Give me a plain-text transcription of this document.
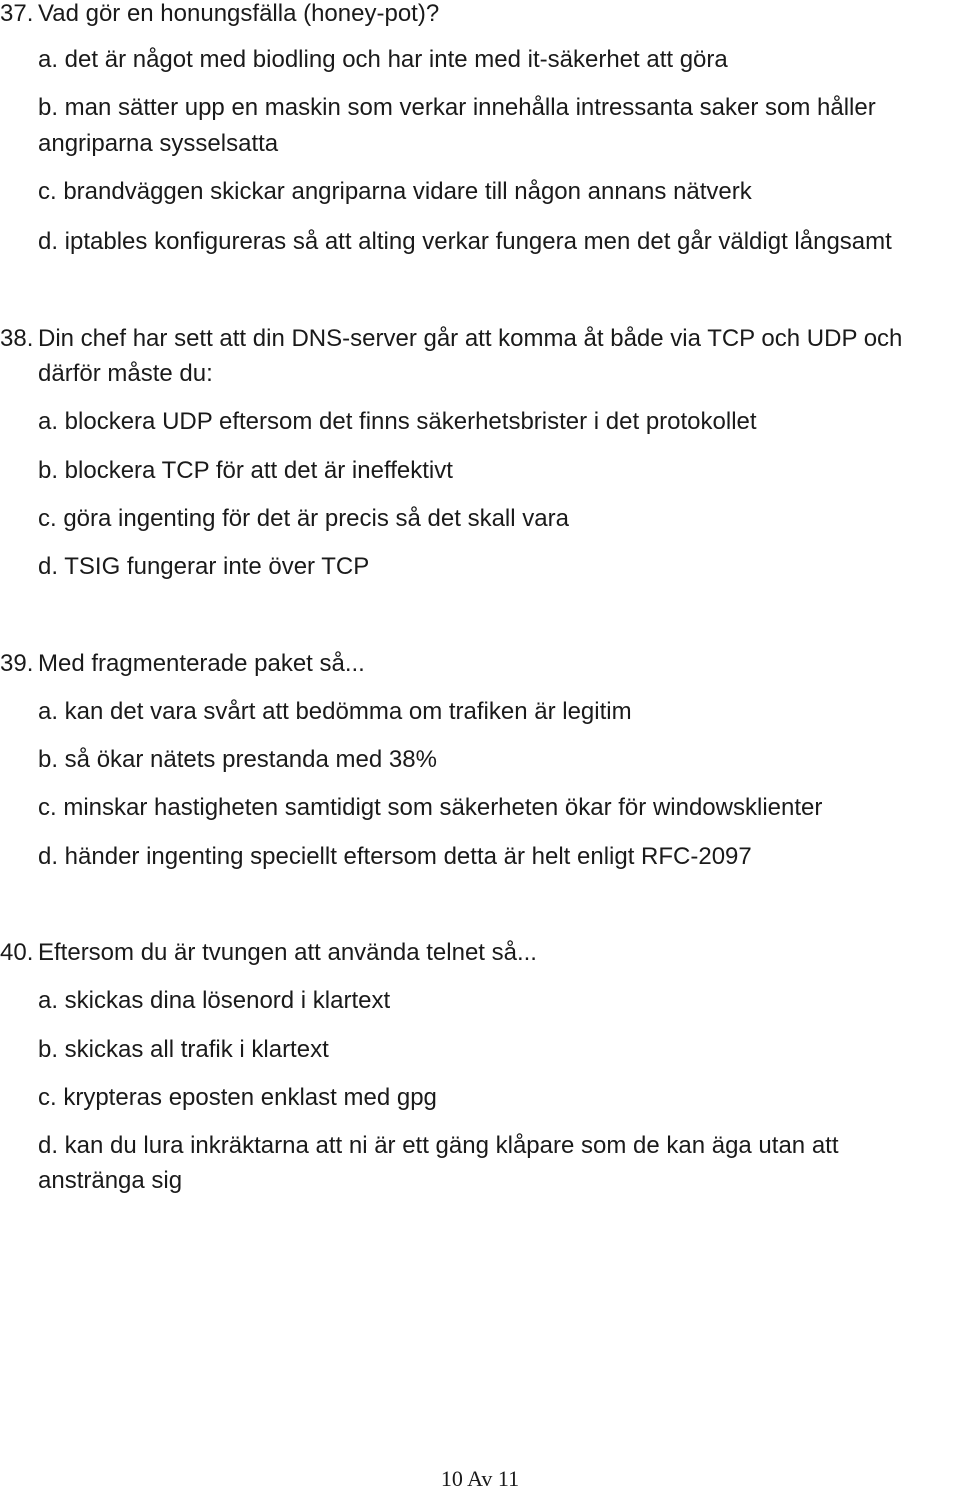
37. Vad gör en honungsfälla (honey-pot)?
a. det är något med biodling och har inte med it-säkerhet att göra
b. man sätter upp en maskin som verkar innehålla intressanta saker som håller
angriparna sysselsatta
c. brandväggen skickar angriparna vidare till någon annans nätverk
d. iptables konfigureras så att alting verkar fungera men det går väldigt långsamt
38. Din chef har sett att din DNS-server går att komma åt både via TCP och UDP och
därför måste du:
a. blockera UDP eftersom det finns säkerhetsbrister i det protokollet
b. blockera TCP för att det är ineffektivt
c. göra ingenting för det är precis så det skall vara
d. TSIG fungerar inte över TCP
39. Med fragmenterade paket så...
a. kan det vara svårt att bedömma om trafiken är legitim
b. så ökar nätets prestanda med 38%
c. minskar hastigheten samtidigt som säkerheten ökar för windowsklienter
d. händer ingenting speciellt eftersom detta är helt enligt RFC-2097
40. Eftersom du är tvungen att använda telnet så...
a. skickas dina lösenord i klartext
b. skickas all trafik i klartext
c. krypteras eposten enklast med gpg
d. kan du lura inkräktarna att ni är ett gäng klåpare som de kan äga utan att
anstränga sig
10 Av 11
